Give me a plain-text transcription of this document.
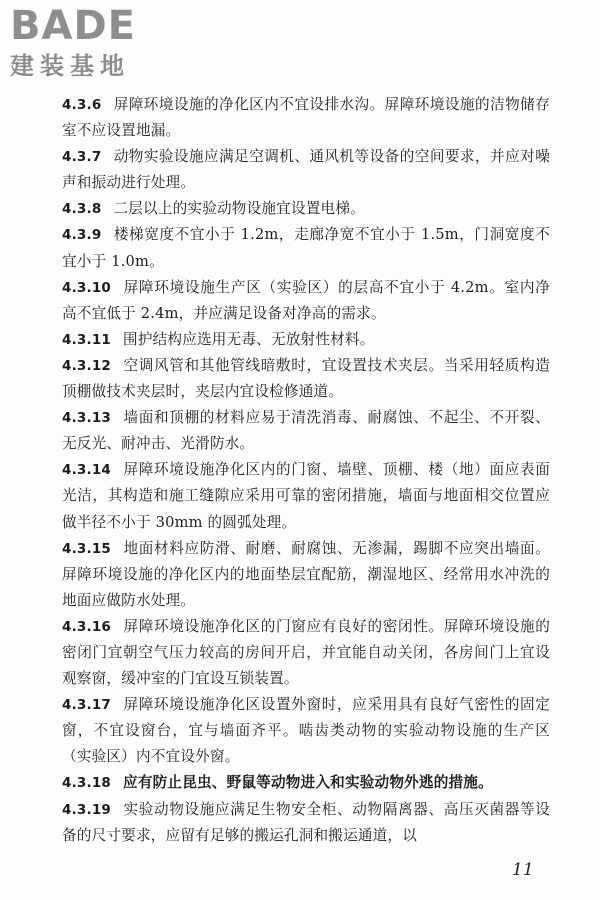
BADE
建装基地
4.3.6 屏障环境设施的净化区内不宜设排水沟。屏障环境设施的洁物储存室不应设置地漏。
4.3.7 动物实验设施应满足空调机、通风机等设备的空间要求，并应对噪声和振动进行处理。
4.3.8 二层以上的实验动物设施宜设置电梯。
4.3.9 楼梯宽度不宜小于 1.2m，走廊净宽不宜小于 1.5m，门洞宽度不宜小于 1.0m。
4.3.10 屏障环境设施生产区（实验区）的层高不宜小于 4.2m。室内净高不宜低于 2.4m，并应满足设备对净高的需求。
4.3.11 围护结构应选用无毒、无放射性材料。
4.3.12 空调风管和其他管线暗敷时，宜设置技术夹层。当采用轻质构造顶棚做技术夹层时，夹层内宜设检修通道。
4.3.13 墙面和顶棚的材料应易于清洗消毒、耐腐蚀、不起尘、不开裂、无反光、耐冲击、光滑防水。
4.3.14 屏障环境设施净化区内的门窗、墙壁、顶棚、楼（地）面应表面光洁，其构造和施工缝隙应采用可靠的密闭措施，墙面与地面相交位置应做半径不小于 30mm 的圆弧处理。
4.3.15 地面材料应防滑、耐磨、耐腐蚀、无渗漏，踢脚不应突出墙面。屏障环境设施的净化区内的地面垫层宜配筋，潮湿地区、经常用水冲洗的地面应做防水处理。
4.3.16 屏障环境设施净化区的门窗应有良好的密闭性。屏障环境设施的密闭门宜朝空气压力较高的房间开启，并宜能自动关闭，各房间门上宜设观察窗，缓冲室的门宜设互锁装置。
4.3.17 屏障环境设施净化区设置外窗时，应采用具有良好气密性的固定窗，不宜设窗台，宜与墙面齐平。啮齿类动物的实验动物设施的生产区（实验区）内不宜设外窗。
4.3.18 应有防止昆虫、野鼠等动物进入和实验动物外逃的措施。
4.3.19 实验动物设施应满足生物安全柜、动物隔离器、高压灭菌器等设备的尺寸要求，应留有足够的搬运孔洞和搬运通道，以
11
